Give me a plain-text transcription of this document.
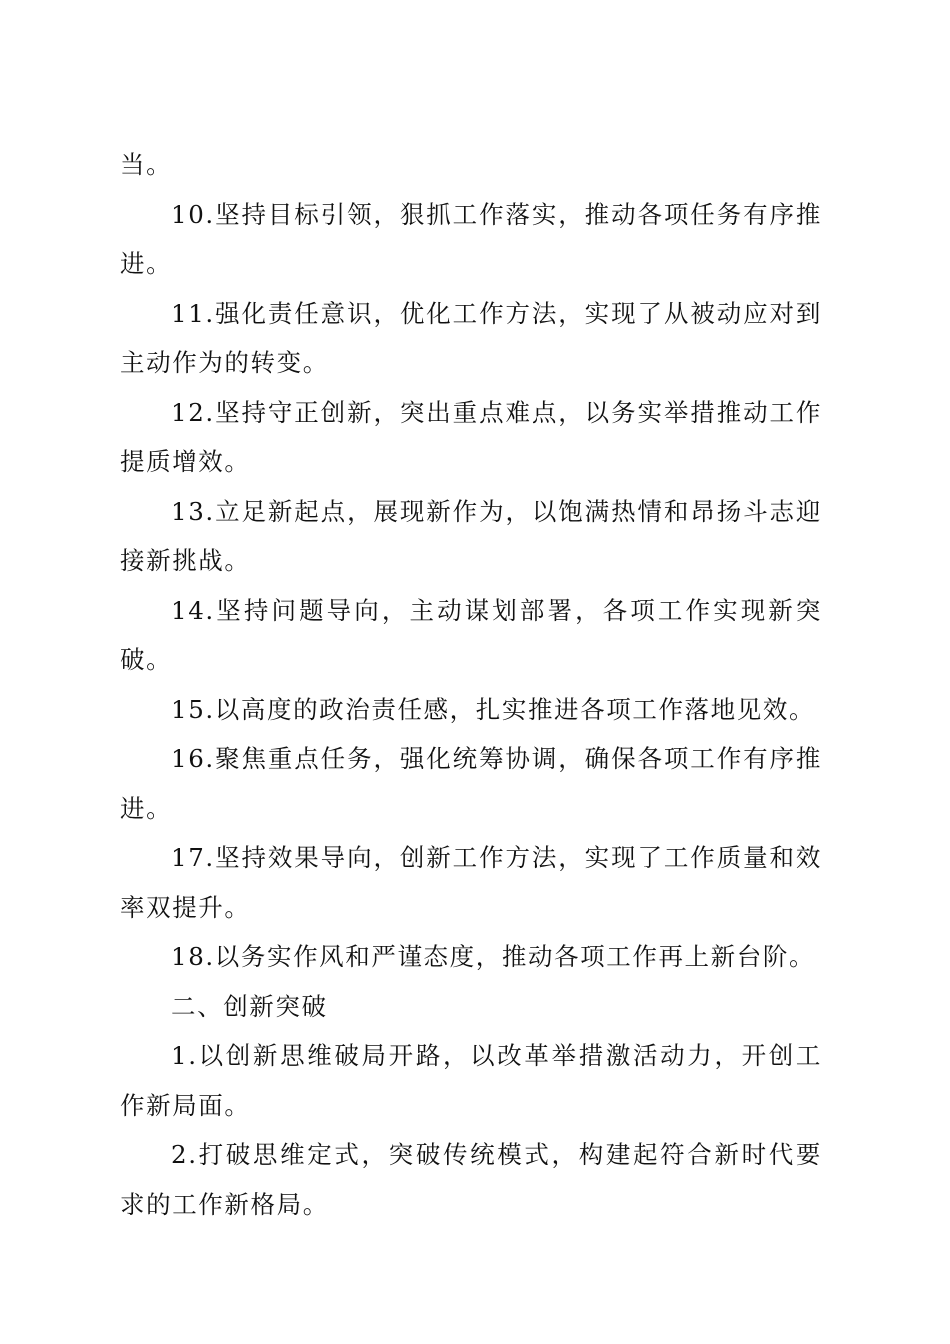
当。

10.坚持目标引领，狠抓工作落实，推动各项任务有序推进。

11.强化责任意识，优化工作方法，实现了从被动应对到主动作为的转变。

12.坚持守正创新，突出重点难点，以务实举措推动工作提质增效。

13.立足新起点，展现新作为，以饱满热情和昂扬斗志迎接新挑战。

14.坚持问题导向，主动谋划部署，各项工作实现新突破。

15.以高度的政治责任感，扎实推进各项工作落地见效。

16.聚焦重点任务，强化统筹协调，确保各项工作有序推进。

17.坚持效果导向，创新工作方法，实现了工作质量和效率双提升。

18.以务实作风和严谨态度，推动各项工作再上新台阶。

二、创新突破

1.以创新思维破局开路，以改革举措激活动力，开创工作新局面。

2.打破思维定式，突破传统模式，构建起符合新时代要求的工作新格局。
